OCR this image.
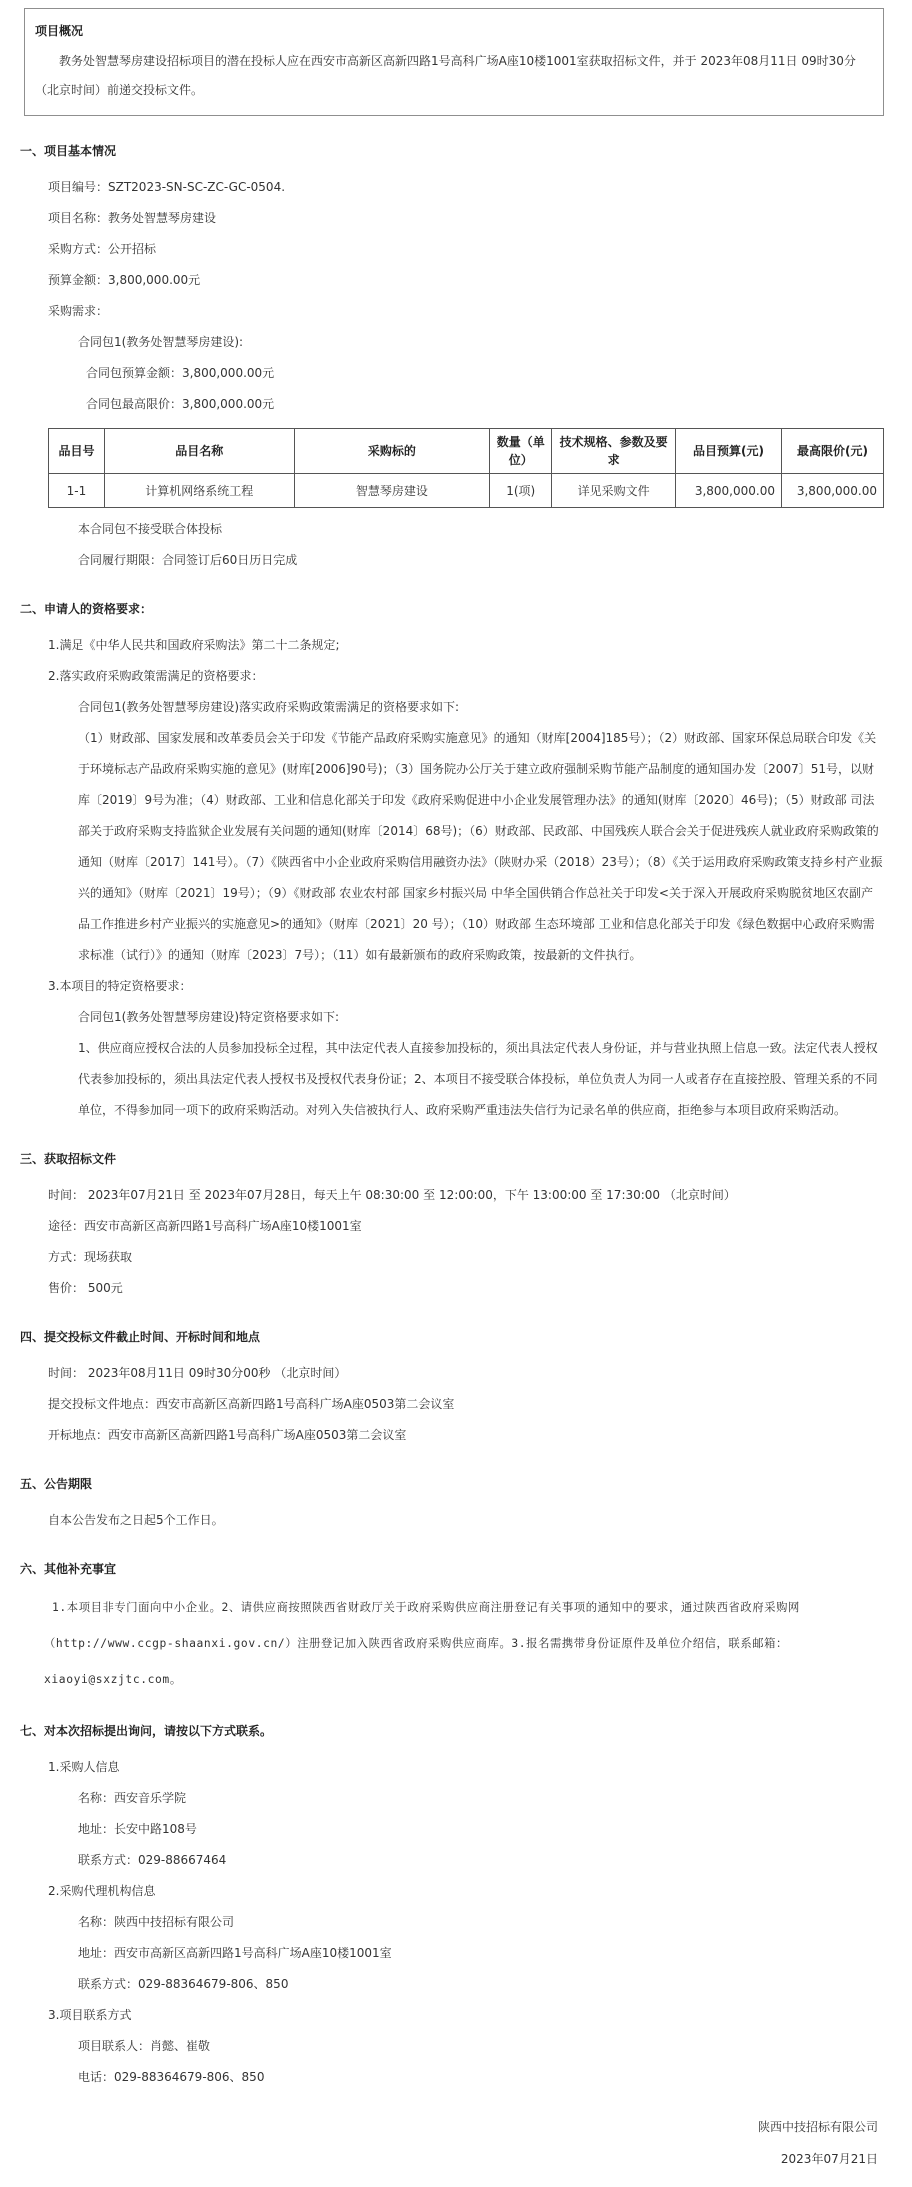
项目概况
教务处智慧琴房建设招标项目的潜在投标人应在西安市高新区高新四路1号高科广场A座10楼1001室获取招标文件，并于 2023年08月11日 09时30分 （北京时间）前递交投标文件。
一、项目基本情况
项目编号：SZT2023-SN-SC-ZC-GC-0504.
项目名称：教务处智慧琴房建设
采购方式：公开招标
预算金额：3,800,000.00元
采购需求：
合同包1(教务处智慧琴房建设):
合同包预算金额：3,800,000.00元
合同包最高限价：3,800,000.00元
品目号	品目名称	采购标的	数量（单位）	技术规格、参数及要求	品目预算(元)	最高限价(元)
1-1	计算机网络系统工程	智慧琴房建设	1(项)	详见采购文件	3,800,000.00	3,800,000.00
本合同包不接受联合体投标
合同履行期限：合同签订后60日历日完成
二、申请人的资格要求：
1.满足《中华人民共和国政府采购法》第二十二条规定;
2.落实政府采购政策需满足的资格要求：
合同包1(教务处智慧琴房建设)落实政府采购政策需满足的资格要求如下:
（1）财政部、国家发展和改革委员会关于印发《节能产品政府采购实施意见》的通知（财库[2004]185号）；（2）财政部、国家环保总局联合印发《关于环境标志产品政府采购实施的意见》(财库[2006]90号)；（3）国务院办公厅关于建立政府强制采购节能产品制度的通知国办发〔2007〕51号，以财库〔2019〕9号为准；（4）财政部、工业和信息化部关于印发《政府采购促进中小企业发展管理办法》的通知(财库〔2020〕46号)；（5）财政部 司法部关于政府采购支持监狱企业发展有关问题的通知(财库〔2014〕68号)；（6）财政部、民政部、中国残疾人联合会关于促进残疾人就业政府采购政策的通知（财库〔2017〕141号）。（7）《陕西省中小企业政府采购信用融资办法》（陕财办采（2018）23号）；（8）《关于运用政府采购政策支持乡村产业振兴的通知》（财库〔2021〕19号）；（9）《财政部 农业农村部 国家乡村振兴局 中华全国供销合作总社关于印发<关于深入开展政府采购脱贫地区农副产品工作推进乡村产业振兴的实施意见>的通知》（财库〔2021〕20 号）；（10）财政部 生态环境部 工业和信息化部关于印发《绿色数据中心政府采购需求标准（试行）》的通知（财库〔2023〕7号）；（11）如有最新颁布的政府采购政策，按最新的文件执行。
3.本项目的特定资格要求：
合同包1(教务处智慧琴房建设)特定资格要求如下:
1、供应商应授权合法的人员参加投标全过程，其中法定代表人直接参加投标的，须出具法定代表人身份证，并与营业执照上信息一致。法定代表人授权代表参加投标的，须出具法定代表人授权书及授权代表身份证；2、本项目不接受联合体投标，单位负责人为同一人或者存在直接控股、管理关系的不同单位，不得参加同一项下的政府采购活动。对列入失信被执行人、政府采购严重违法失信行为记录名单的供应商，拒绝参与本项目政府采购活动。
三、获取招标文件
时间： 2023年07月21日 至 2023年07月28日，每天上午 08:30:00 至 12:00:00，下午 13:00:00 至 17:30:00 （北京时间）
途径：西安市高新区高新四路1号高科广场A座10楼1001室
方式：现场获取
售价： 500元
四、提交投标文件截止时间、开标时间和地点
时间： 2023年08月11日 09时30分00秒 （北京时间）
提交投标文件地点：西安市高新区高新四路1号高科广场A座0503第二会议室
开标地点：西安市高新区高新四路1号高科广场A座0503第二会议室
五、公告期限
自本公告发布之日起5个工作日。
六、其他补充事宜
1.本项目非专门面向中小企业。2、请供应商按照陕西省财政厅关于政府采购供应商注册登记有关事项的通知中的要求，通过陕西省政府采购网（http://www.ccgp-shaanxi.gov.cn/）注册登记加入陕西省政府采购供应商库。3.报名需携带身份证原件及单位介绍信，联系邮箱：xiaoyi@sxzjtc.com。
七、对本次招标提出询问，请按以下方式联系。
1.采购人信息
名称：西安音乐学院
地址：长安中路108号
联系方式：029-88667464
2.采购代理机构信息
名称：陕西中技招标有限公司
地址：西安市高新区高新四路1号高科广场A座10楼1001室
联系方式：029-88364679-806、850
3.项目联系方式
项目联系人：肖懿、崔敬
电话：029-88364679-806、850
陕西中技招标有限公司
2023年07月21日
